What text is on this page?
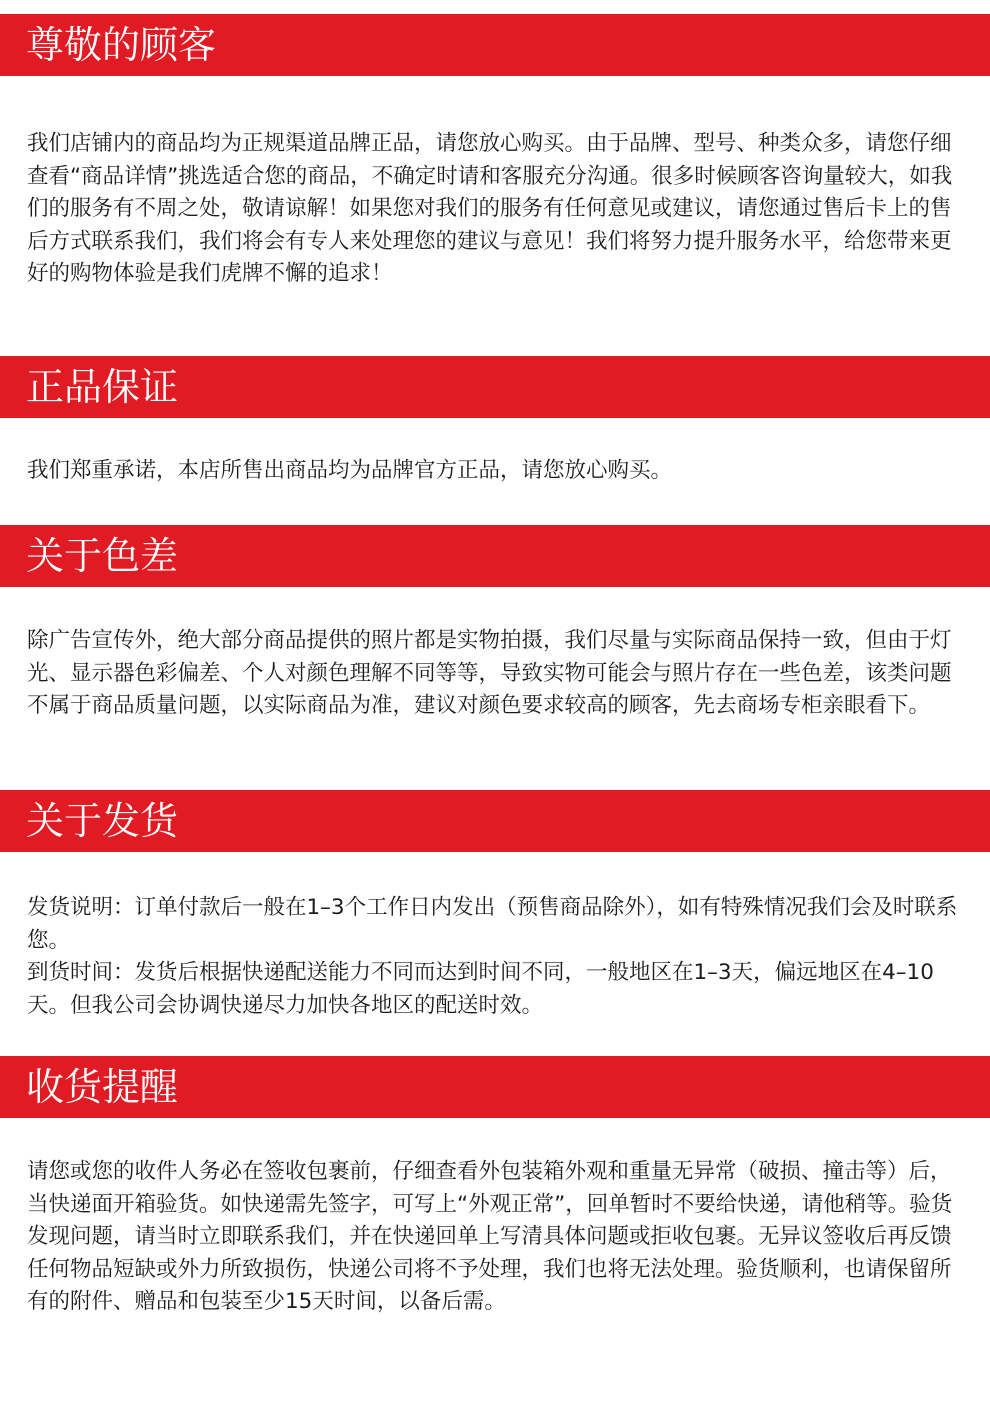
尊敬的顾客

我们店铺内的商品均为正规渠道品牌正品，请您放心购买。由于品牌、型号、种类众多，请您仔细查看“商品详情”挑选适合您的商品，不确定时请和客服充分沟通。很多时候顾客咨询量较大，如我们的服务有不周之处，敬请谅解！如果您对我们的服务有任何意见或建议，请您通过售后卡上的售后方式联系我们，我们将会有专人来处理您的建议与意见！我们将努力提升服务水平，给您带来更好的购物体验是我们虎牌不懈的追求！

正品保证

我们郑重承诺，本店所售出商品均为品牌官方正品，请您放心购买。

关于色差

除广告宣传外，绝大部分商品提供的照片都是实物拍摄，我们尽量与实际商品保持一致，但由于灯光、显示器色彩偏差、个人对颜色理解不同等等，导致实物可能会与照片存在一些色差，该类问题不属于商品质量问题，以实际商品为准，建议对颜色要求较高的顾客，先去商场专柜亲眼看下。

关于发货

发货说明：订单付款后一般在1–3个工作日内发出（预售商品除外），如有特殊情况我们会及时联系您。

到货时间：发货后根据快递配送能力不同而达到时间不同，一般地区在1–3天，偏远地区在4–10天。但我公司会协调快递尽力加快各地区的配送时效。

收货提醒

请您或您的收件人务必在签收包裹前，仔细查看外包装箱外观和重量无异常（破损、撞击等）后，当快递面开箱验货。如快递需先签字，可写上“外观正常”，回单暂时不要给快递，请他稍等。验货发现问题，请当时立即联系我们，并在快递回单上写清具体问题或拒收包裹。无异议签收后再反馈任何物品短缺或外力所致损伤，快递公司将不予处理，我们也将无法处理。验货顺利，也请保留所有的附件、赠品和包装至少15天时间，以备后需。
